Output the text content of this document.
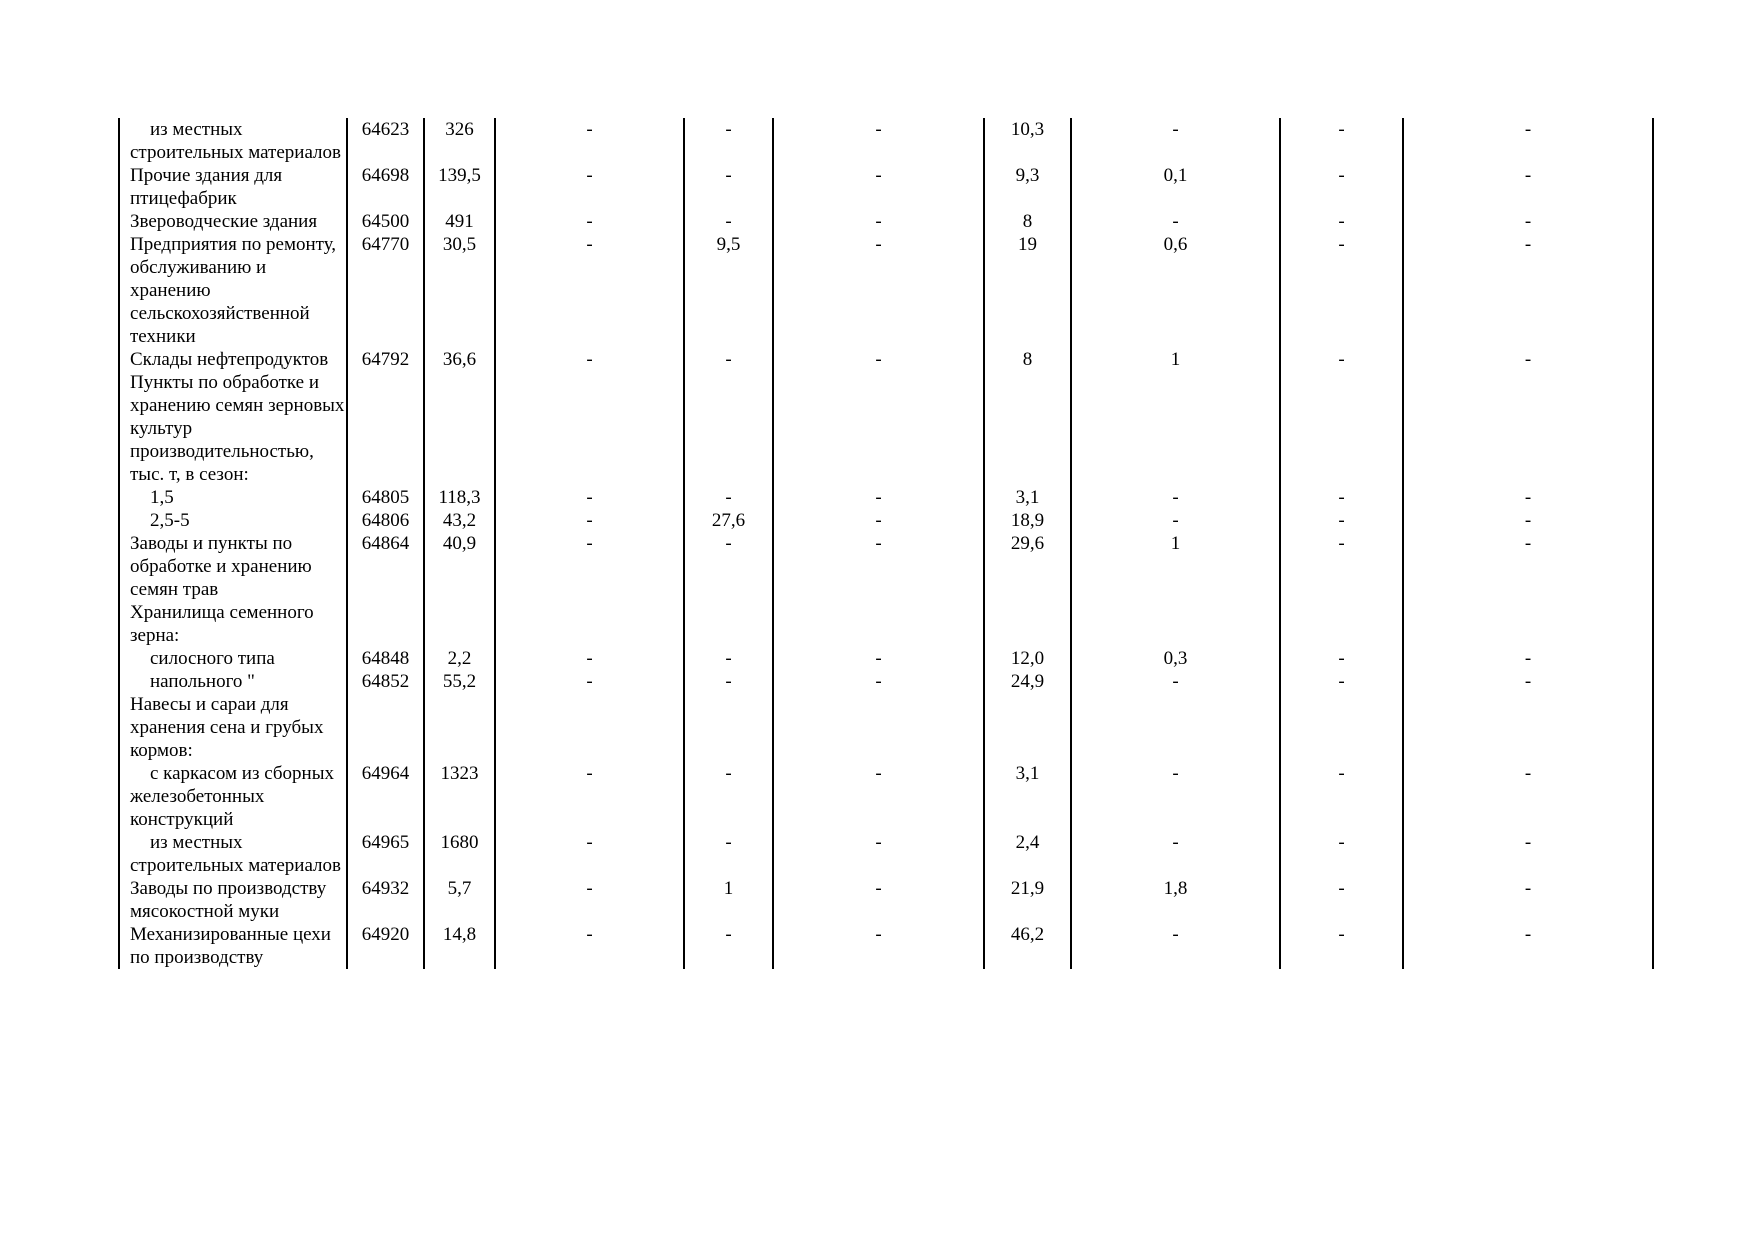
из местных строительных материалов	64623	326	-	-	-	10,3	-	-	-
Прочие здания для птицефабрик	64698	139,5	-	-	-	9,3	0,1	-	-
Звероводческие здания	64500	491	-	-	-	8	-	-	-
Предприятия по ремонту, обслуживанию и хранению сельскохозяйственной техники	64770	30,5	-	9,5	-	19	0,6	-	-
Склады нефтепродуктов	64792	36,6	-	-	-	8	1	-	-
Пункты по обработке и хранению семян зерновых культур производительностью, тыс. т, в сезон:									
1,5	64805	118,3	-	-	-	3,1	-	-	-
2,5-5	64806	43,2	-	27,6	-	18,9	-	-	-
Заводы и пункты по обработке и хранению семян трав	64864	40,9	-	-	-	29,6	1	-	-
Хранилища семенного зерна:									
силосного типа	64848	2,2	-	-	-	12,0	0,3	-	-
напольного "	64852	55,2	-	-	-	24,9	-	-	-
Навесы и сараи для хранения сена и грубых кормов:									
с каркасом из сборных железобетонных конструкций	64964	1323	-	-	-	3,1	-	-	-
из местных строительных материалов	64965	1680	-	-	-	2,4	-	-	-
Заводы по производству мясокостной муки	64932	5,7	-	1	-	21,9	1,8	-	-
Механизированные цехи по производству	64920	14,8	-	-	-	46,2	-	-	-
